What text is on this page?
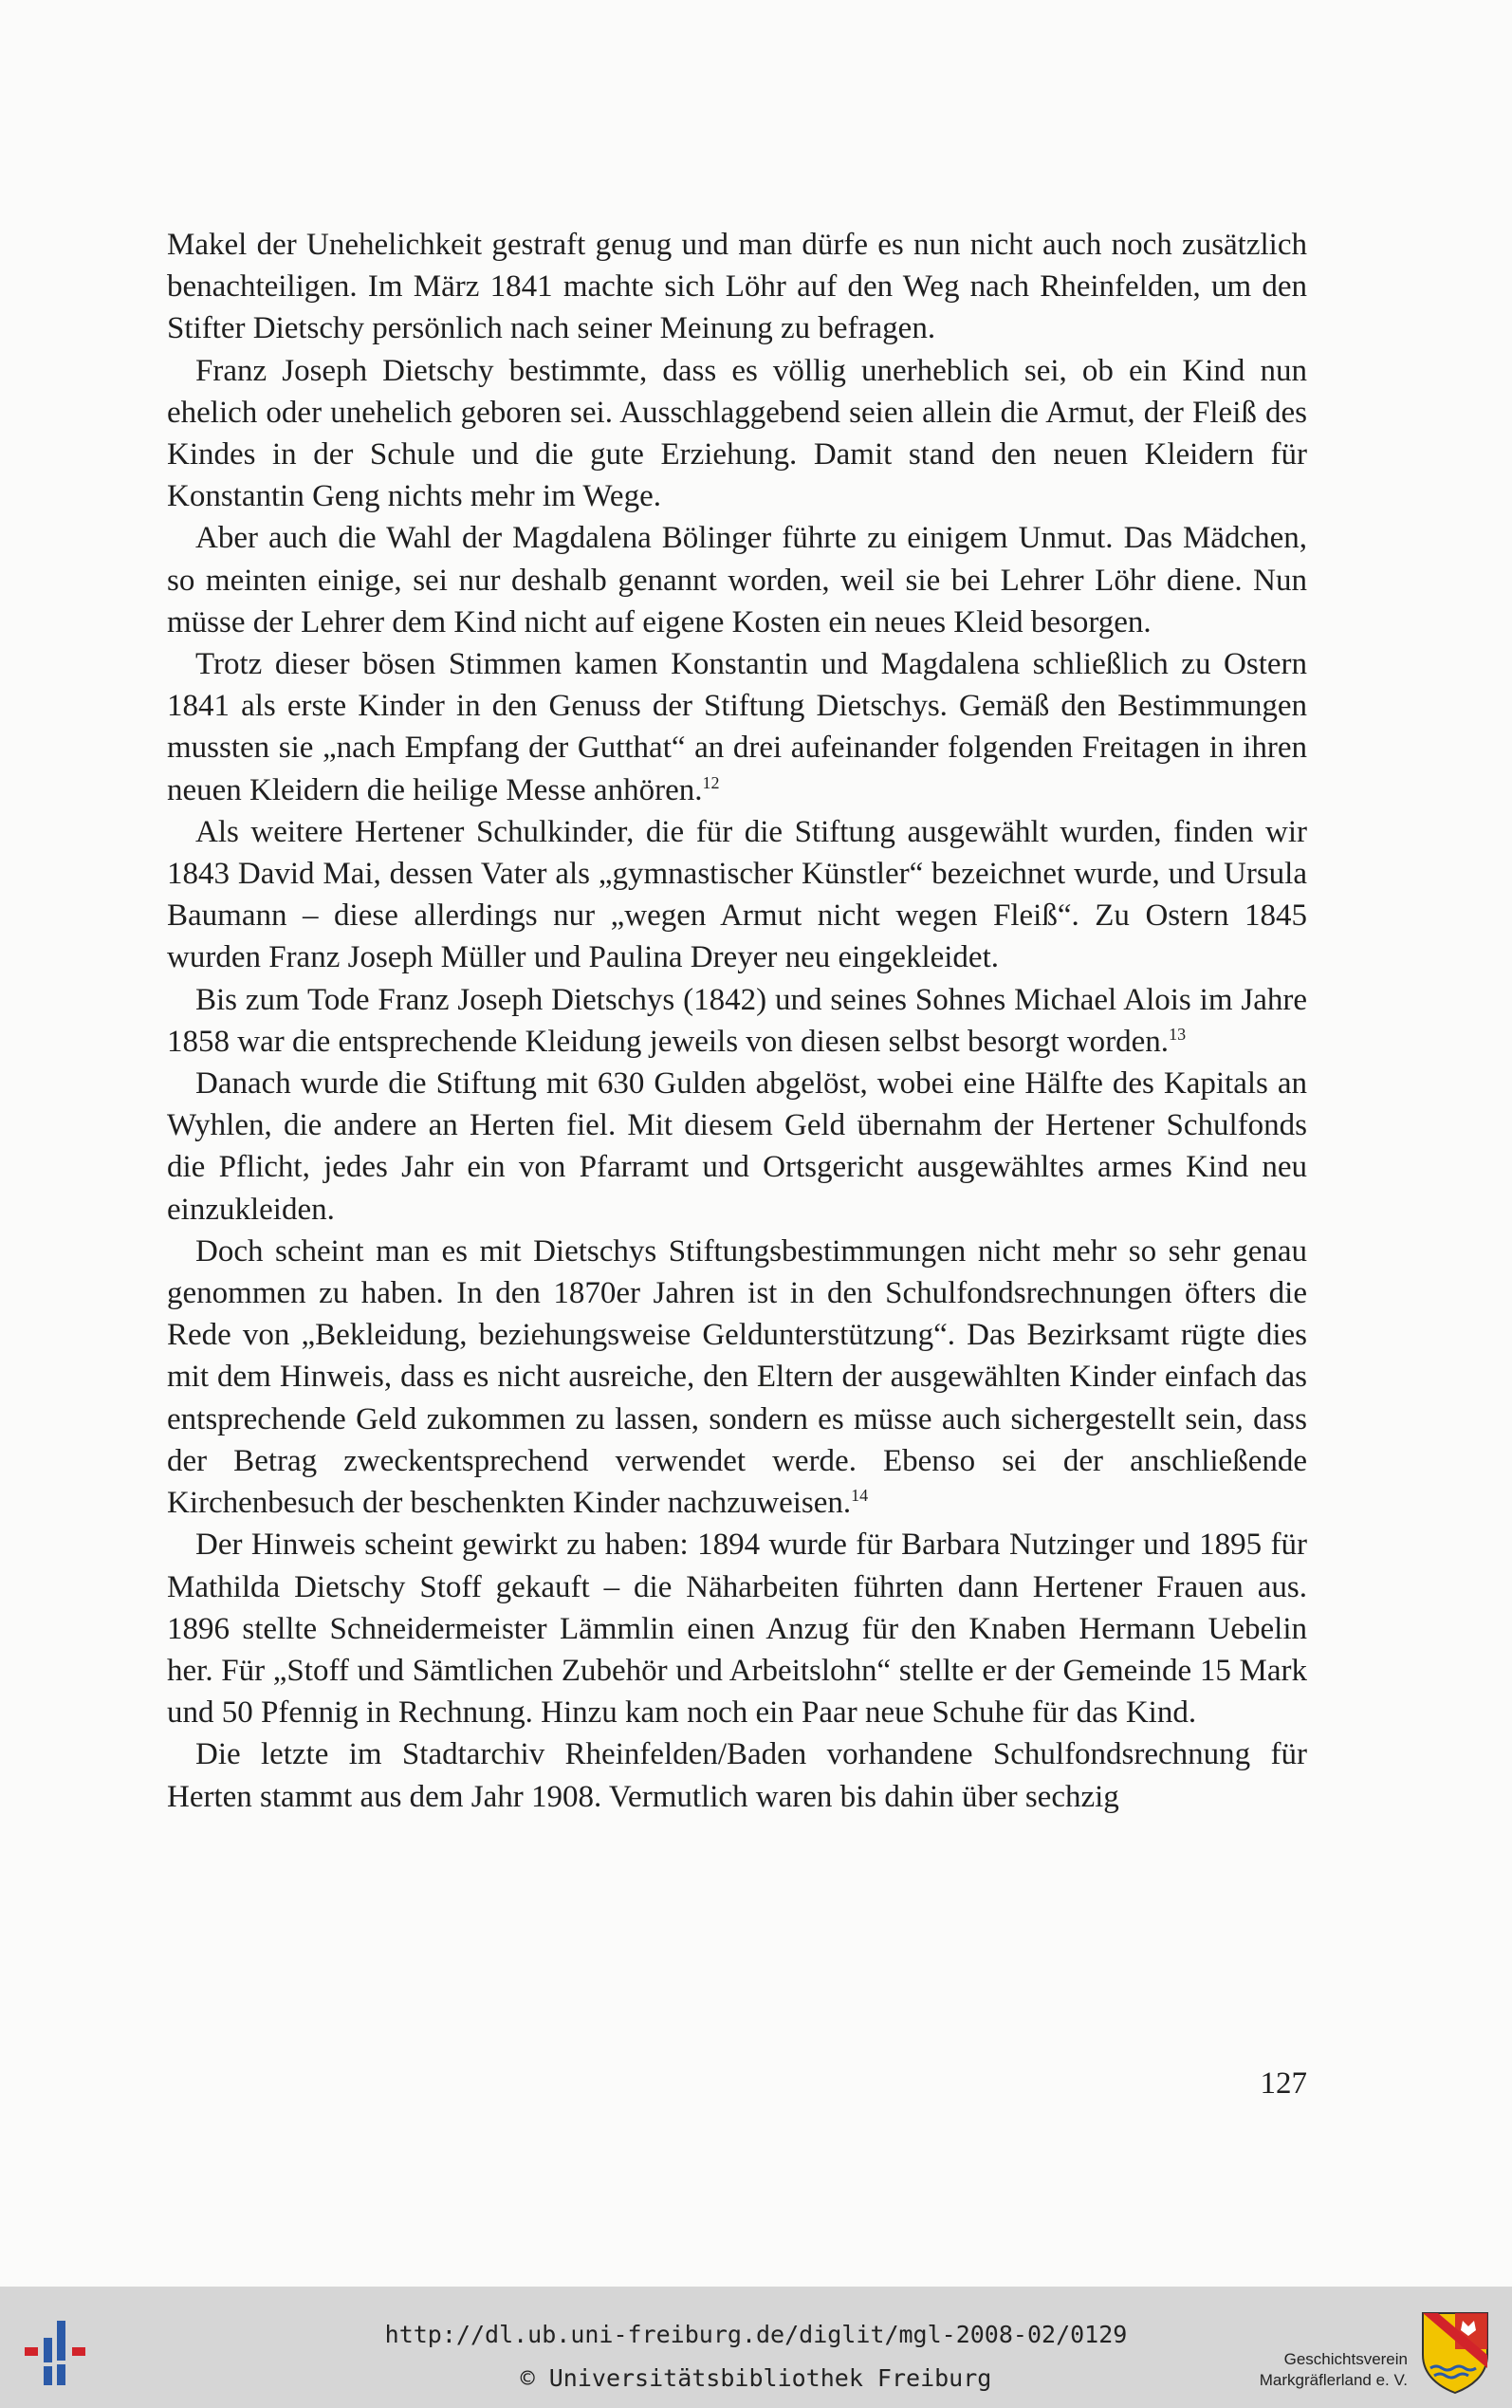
Makel der Unehelichkeit gestraft genug und man dürfe es nun nicht auch noch zusätzlich benachteiligen. Im März 1841 machte sich Löhr auf den Weg nach Rheinfelden, um den Stifter Dietschy persönlich nach seiner Meinung zu befragen.

Franz Joseph Dietschy bestimmte, dass es völlig unerheblich sei, ob ein Kind nun ehelich oder unehelich geboren sei. Ausschlaggebend seien allein die Armut, der Fleiß des Kindes in der Schule und die gute Erziehung. Damit stand den neuen Kleidern für Konstantin Geng nichts mehr im Wege.

Aber auch die Wahl der Magdalena Bölinger führte zu einigem Unmut. Das Mädchen, so meinten einige, sei nur deshalb genannt worden, weil sie bei Lehrer Löhr diene. Nun müsse der Lehrer dem Kind nicht auf eigene Kosten ein neues Kleid besorgen.

Trotz dieser bösen Stimmen kamen Konstantin und Magdalena schließlich zu Ostern 1841 als erste Kinder in den Genuss der Stiftung Dietschys. Gemäß den Bestimmungen mussten sie „nach Empfang der Gutthat“ an drei aufeinander folgenden Freitagen in ihren neuen Kleidern die heilige Messe anhören.$^{12}$

Als weitere Hertener Schulkinder, die für die Stiftung ausgewählt wurden, finden wir 1843 David Mai, dessen Vater als „gymnastischer Künstler“ bezeichnet wurde, und Ursula Baumann – diese allerdings nur „wegen Armut nicht wegen Fleiß“. Zu Ostern 1845 wurden Franz Joseph Müller und Paulina Dreyer neu eingekleidet.

Bis zum Tode Franz Joseph Dietschys (1842) und seines Sohnes Michael Alois im Jahre 1858 war die entsprechende Kleidung jeweils von diesen selbst besorgt worden.$^{13}$

Danach wurde die Stiftung mit 630 Gulden abgelöst, wobei eine Hälfte des Kapitals an Wyhlen, die andere an Herten fiel. Mit diesem Geld übernahm der Hertener Schulfonds die Pflicht, jedes Jahr ein von Pfarramt und Ortsgericht ausgewähltes armes Kind neu einzukleiden.

Doch scheint man es mit Dietschys Stiftungsbestimmungen nicht mehr so sehr genau genommen zu haben. In den 1870er Jahren ist in den Schulfondsrechnungen öfters die Rede von „Bekleidung, beziehungsweise Geldunterstützung“. Das Bezirksamt rügte dies mit dem Hinweis, dass es nicht ausreiche, den Eltern der ausgewählten Kinder einfach das entsprechende Geld zukommen zu lassen, sondern es müsse auch sichergestellt sein, dass der Betrag zweckentsprechend verwendet werde. Ebenso sei der anschließende Kirchenbesuch der beschenkten Kinder nachzuweisen.$^{14}$

Der Hinweis scheint gewirkt zu haben: 1894 wurde für Barbara Nutzinger und 1895 für Mathilda Dietschy Stoff gekauft – die Näharbeiten führten dann Hertener Frauen aus. 1896 stellte Schneidermeister Lämmlin einen Anzug für den Knaben Hermann Uebelin her. Für „Stoff und Sämtlichen Zubehör und Arbeitslohn“ stellte er der Gemeinde 15 Mark und 50 Pfennig in Rechnung. Hinzu kam noch ein Paar neue Schuhe für das Kind.

Die letzte im Stadtarchiv Rheinfelden/Baden vorhandene Schulfondsrechnung für Herten stammt aus dem Jahr 1908. Vermutlich waren bis dahin über sechzig

127
http://dl.ub.uni-freiburg.de/diglit/mgl-2008-02/0129
© Universitätsbibliothek Freiburg
Geschichtsverein
Markgräflerland e. V.
